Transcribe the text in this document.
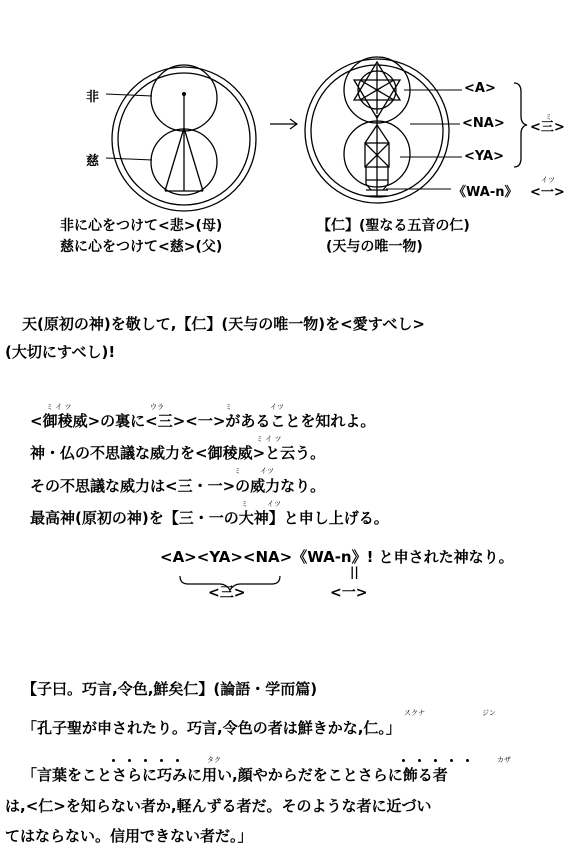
非
慈
<A>
<NA>
<YA>
《WA-n》
<三>
ミ
<一>
イツ
非に心をつけて<悲>(母)
慈に心をつけて<慈>(父)
【仁】(聖なる五音の仁)
(天与の唯一物)
天(原初の神)を敬して,【仁】(天与の唯一物)を<愛すべし>
(大切にすべし)!
ミ イ ツ	ウラ	ミ	イツ
<御稜威>の裏に<三><一>があることを知れよ。
ミ イ ツ
神・仏の不思議な威力を<御稜威>と云う。
ミ	イツ
その不思議な威力は<三・一>の威力なり。
ミ	イツ
最高神(原初の神)を【三・一の大神】と申し上げる。
<A><YA><NA>《WA-n》! と申された神なり。
<三>
||
<一>
【子曰。巧言,令色,鮮矣仁】(論語・学而篇)
スクナ	ジン
「孔子聖が申されたり。巧言,令色の者は鮮きかな,仁。」
タク	カザ
「言葉をことさらに巧みに用い,顔やからだをことさらに飾る者
は,<仁>を知らない者か,軽んずる者だ。そのような者に近づい
てはならない。信用できない者だ。」
